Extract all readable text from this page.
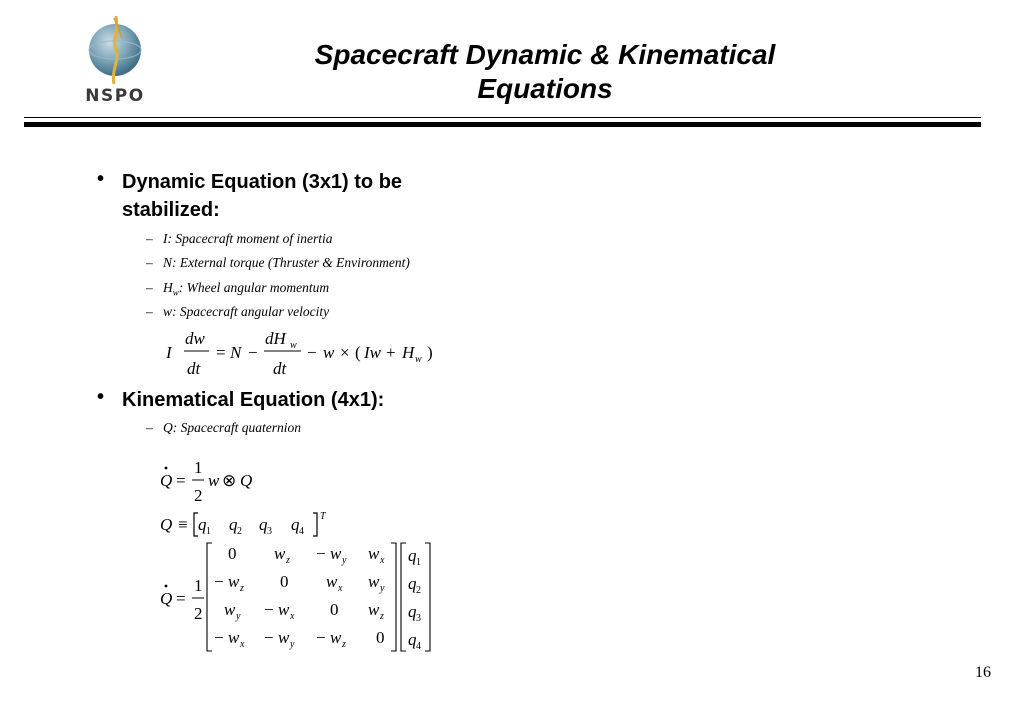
NSPO
Spacecraft Dynamic & Kinematical
Equations
• Dynamic Equation (3x1) to be stabilized:
– I: Spacecraft moment of inertia
– N: External torque (Thruster & Environment)
– $H_w$: Wheel angular momentum
– w: Spacecraft angular velocity
I
dw
dt
= N −
dH w
dt
− w × ( Iw + H w )
• Kinematical Equation (4x1):
– Q: Spacecraft quaternion
Q =
1
2
w ⊗ Q
Q ≡ q 1 q 2 q 3 q 4
T
Q =
1
2
0 w z − w y w x
− w z 0 w x w y
w y − w x 0 w z
− w x − w y − w z 0
q 1
q 2
q 3
q 4
16
